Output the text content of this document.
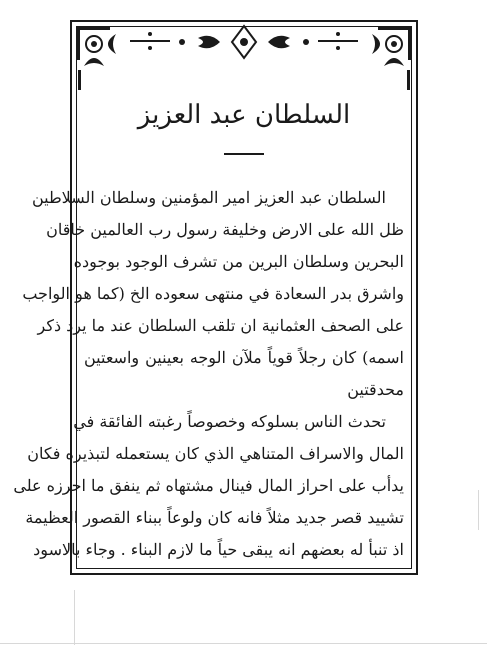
السلطان عبد العزيز
السلطان عبد العزيز امير المؤمنين وسلطان السلاطين
ظل الله على الارض وخليفة رسول رب العالمين خاقان
البحرين وسلطان البرين من تشرف الوجود بوجوده
واشرق بدر السعادة في منتهى سعوده الخ (كما هو الواجب
على الصحف العثمانية ان تلقب السلطان عند ما يرد ذكر
اسمه) كان رجلاً قوياً ملآن الوجه بعينين واسعتين
محدقتين
تحدث الناس بسلوكه وخصوصاً رغبته الفائقة في
المال والاسراف المتناهي الذي كان يستعمله لتبذيره فكان
يدأب على احراز المال فينال مشتهاه ثم ينفق ما احرزه على
تشييد قصر جديد مثلاً فانه كان ولوعاً ببناء القصور العظيمة
اذ تنبأ له بعضهم انه يبقى حياً ما لازم البناء . وجاء بالاسود
